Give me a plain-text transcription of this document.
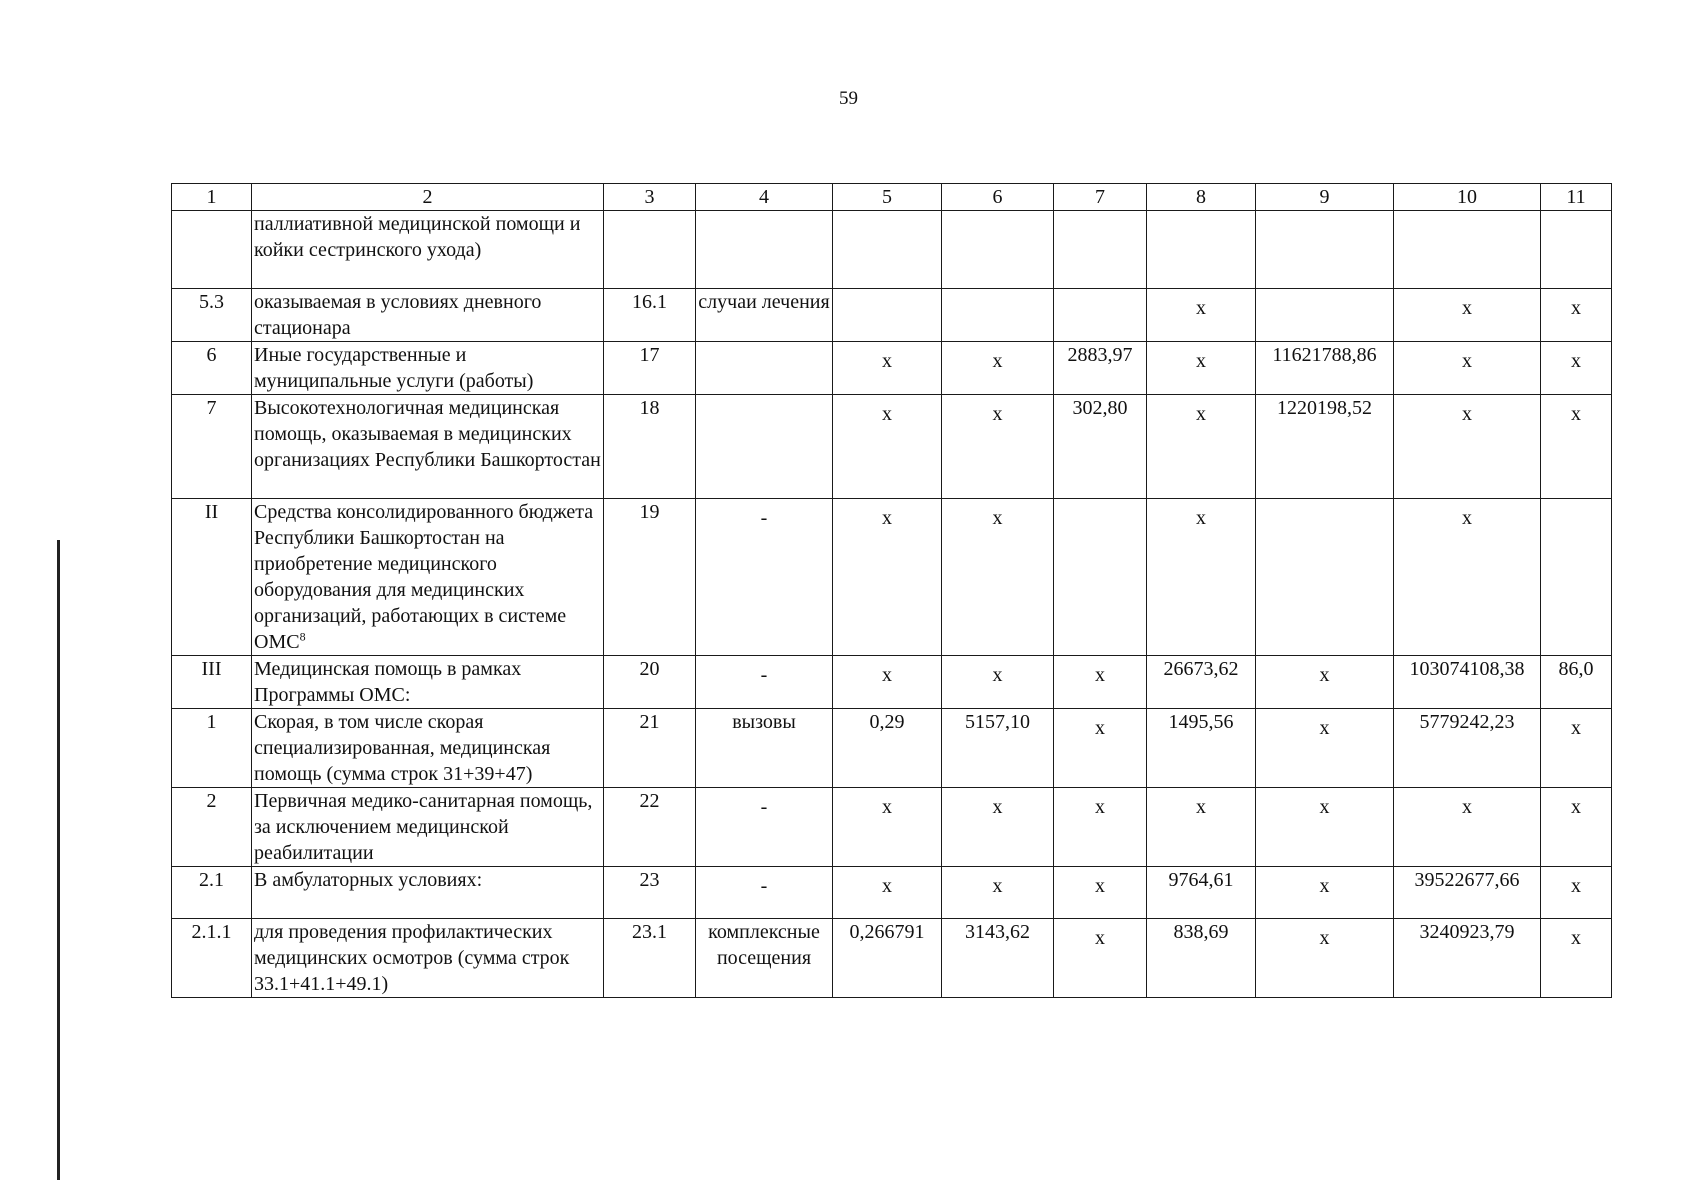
59
1	2	3	4	5	6	7	8	9	10	11
	паллиативной медицинской помощи и койки сестринского ухода)									
5.3	оказываемая в условиях дневного стационара	16.1	случаи лечения				х		х	х
6	Иные государственные и муниципальные услуги (работы)	17		х	х	2883,97	х	11621788,86	х	х
7	Высокотехнологичная медицинская помощь, оказываемая в медицинских организациях Республики Башкортостан	18		х	х	302,80	х	1220198,52	х	х
II	Средства консолидированного бюджета Республики Башкортостан на приобретение медицинского оборудования для медицинских организаций, работающих в системе ОМС$^8$	19	-	х	х		х		х	
III	Медицинская помощь в рамках Программы ОМС:	20	-	х	х	х	26673,62	х	103074108,38	86,0
1	Скорая, в том числе скорая специализированная, медицинская помощь (сумма строк 31+39+47)	21	вызовы	0,29	5157,10	х	1495,56	х	5779242,23	х
2	Первичная медико-санитарная помощь, за исключением медицинской реабилитации	22	-	х	х	х	х	х	х	х
2.1	В амбулаторных условиях:	23	-	х	х	х	9764,61	х	39522677,66	х
2.1.1	для проведения профилактических медицинских осмотров (сумма строк 33.1+41.1+49.1)	23.1	комплексные посещения	0,266791	3143,62	х	838,69	х	3240923,79	х
